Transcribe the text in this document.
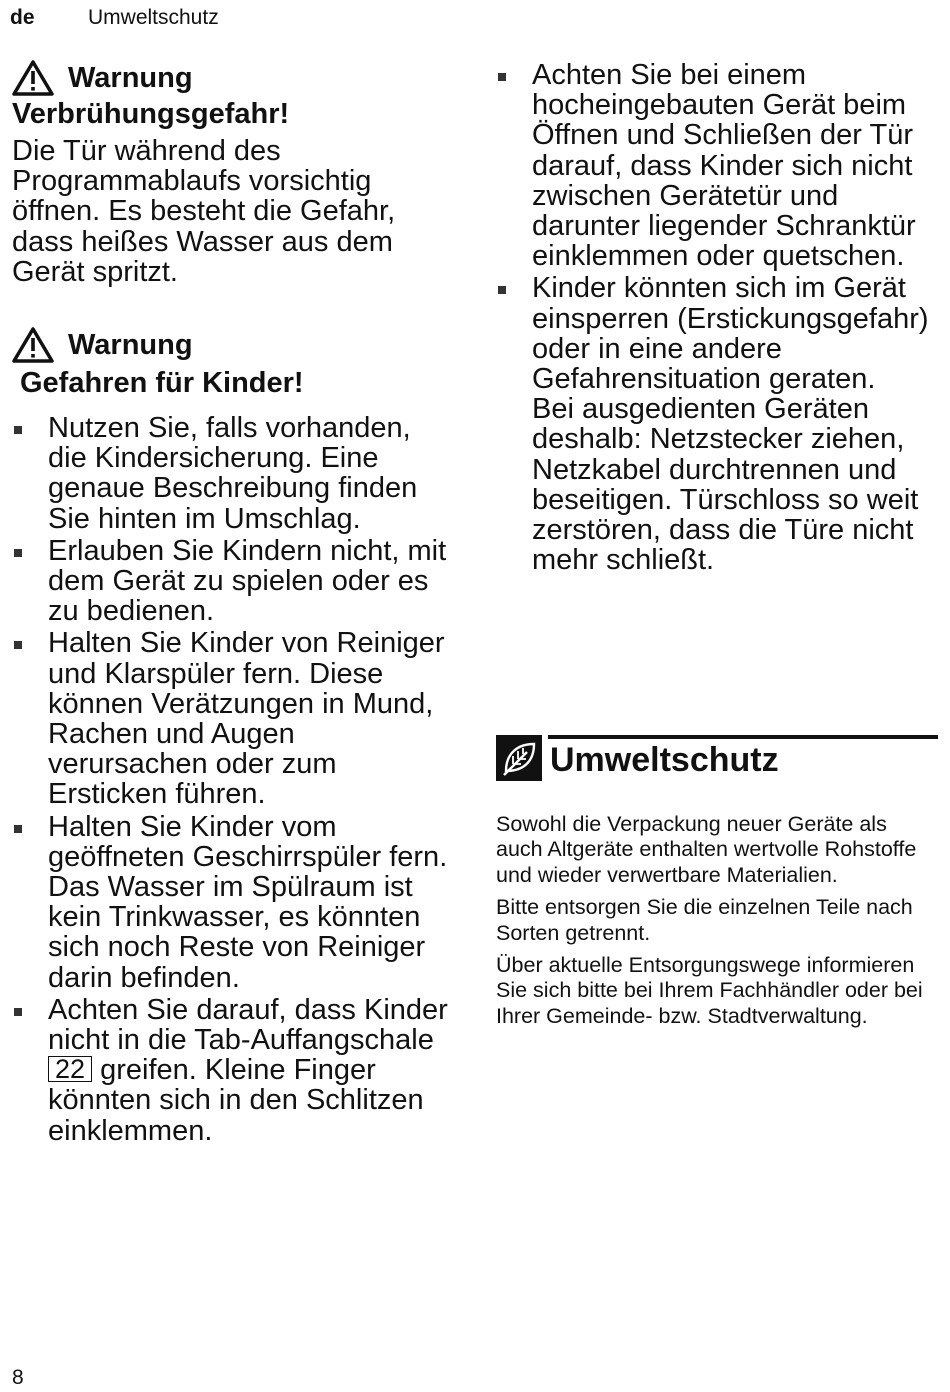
de	Umweltschutz
Warnung
Verbrühungsgefahr!

Die Tür während des Programmablaufs vorsichtig öffnen. Es besteht die Gefahr, dass heißes Wasser aus dem Gerät spritzt.

Warnung
Gefahren für Kinder!
Nutzen Sie, falls vorhanden, die Kindersicherung. Eine genaue Beschreibung finden Sie hinten im Umschlag.
Erlauben Sie Kindern nicht, mit dem Gerät zu spielen oder es zu bedienen.
Halten Sie Kinder von Reiniger und Klarspüler fern. Diese können Verätzungen in Mund, Rachen und Augen verursachen oder zum Ersticken führen.
Halten Sie Kinder vom geöffneten Geschirrspüler fern. Das Wasser im Spülraum ist kein Trinkwasser, es könnten sich noch Reste von Reiniger darin befinden.
Achten Sie darauf, dass Kinder nicht in die Tab-Auffangschale 22 greifen. Kleine Finger könnten sich in den Schlitzen einklemmen.
Achten Sie bei einem hocheingebauten Gerät beim Öffnen und Schließen der Tür darauf, dass Kinder sich nicht zwischen Gerätetür und darunter liegender Schranktür einklemmen oder quetschen.
Kinder könnten sich im Gerät einsperren (Erstickungsgefahr) oder in eine andere Gefahrensituation geraten.
Bei ausgedienten Geräten deshalb: Netzstecker ziehen, Netzkabel durchtrennen und beseitigen. Türschloss so weit zerstören, dass die Türe nicht mehr schließt.
Umweltschutz

Sowohl die Verpackung neuer Geräte als auch Altgeräte enthalten wertvolle Rohstoffe und wieder verwertbare Materialien.

Bitte entsorgen Sie die einzelnen Teile nach Sorten getrennt.

Über aktuelle Entsorgungswege informieren Sie sich bitte bei Ihrem Fachhändler oder bei Ihrer Gemeinde- bzw. Stadtverwaltung.

8
